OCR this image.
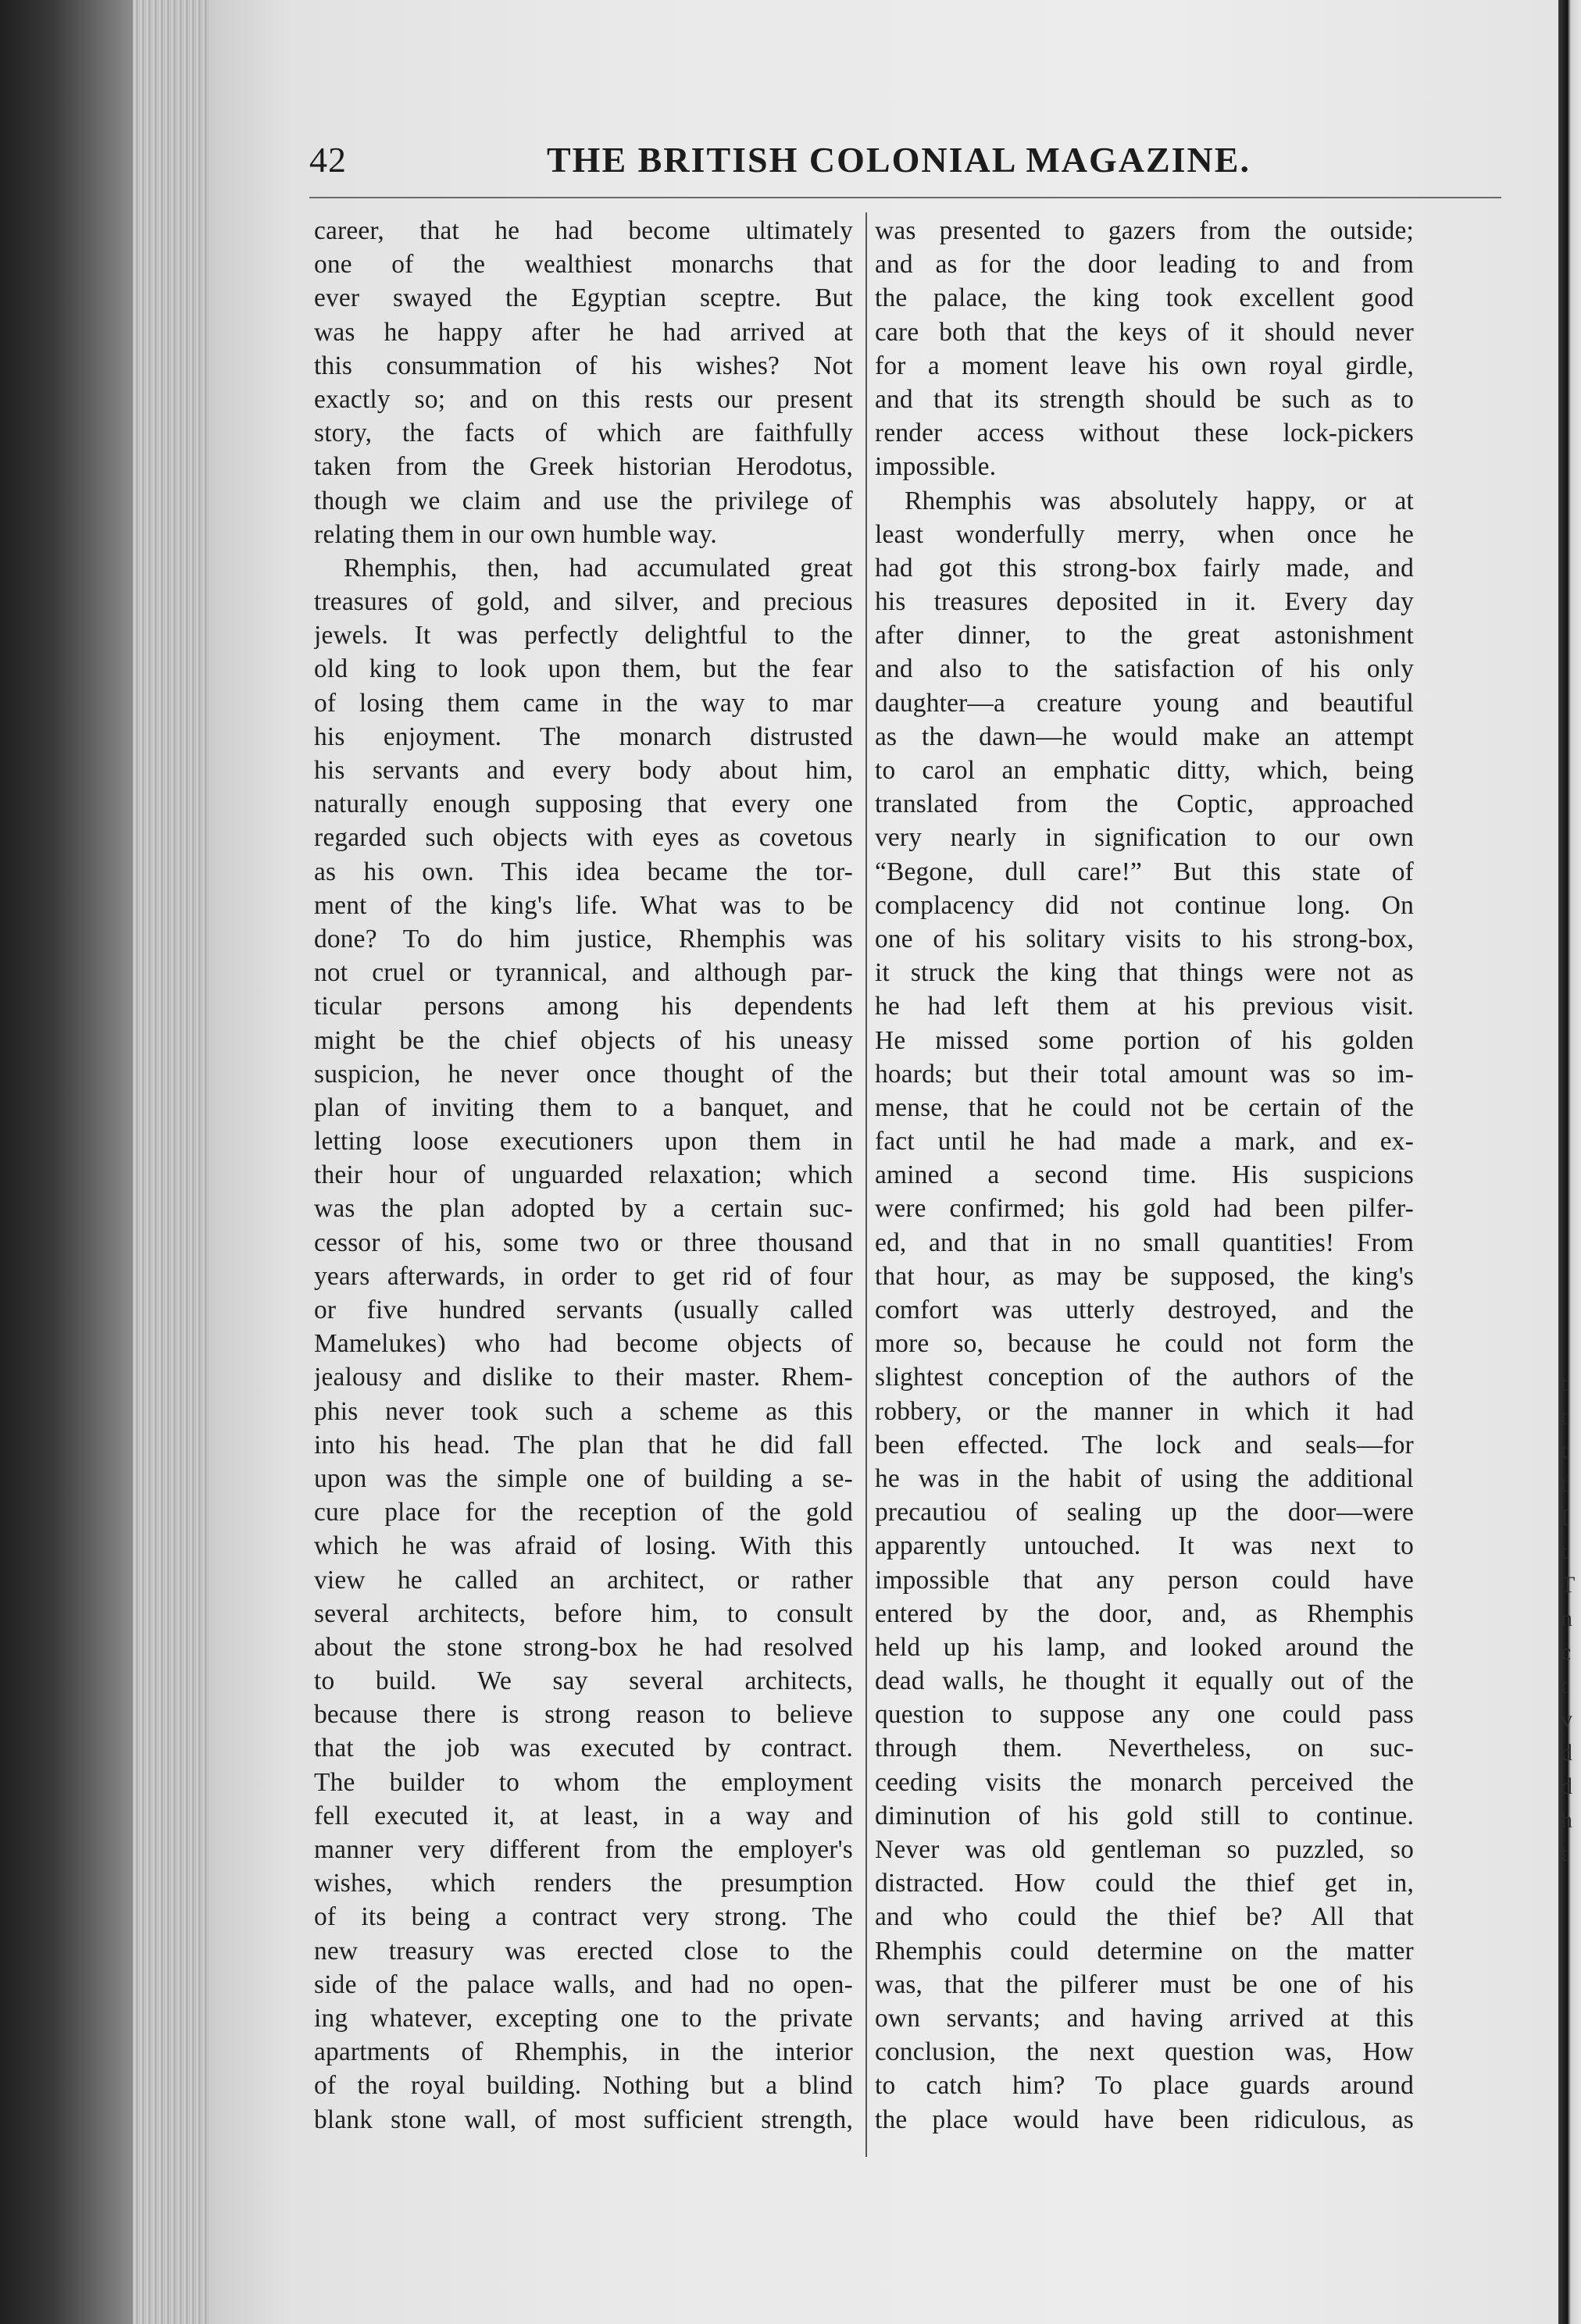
42	THE BRITISH COLONIAL MAGAZINE.
career, that he had become ultimately
one of the wealthiest monarchs that
ever swayed the Egyptian sceptre. But
was he happy after he had arrived at
this consummation of his wishes? Not
exactly so; and on this rests our present
story, the facts of which are faithfully
taken from the Greek historian Herodotus,
though we claim and use the privilege of
relating them in our own humble way.
Rhemphis, then, had accumulated great
treasures of gold, and silver, and precious
jewels. It was perfectly delightful to the
old king to look upon them, but the fear
of losing them came in the way to mar
his enjoyment. The monarch distrusted
his servants and every body about him,
naturally enough supposing that every one
regarded such objects with eyes as covetous
as his own. This idea became the tor-
ment of the king's life. What was to be
done? To do him justice, Rhemphis was
not cruel or tyrannical, and although par-
ticular persons among his dependents
might be the chief objects of his uneasy
suspicion, he never once thought of the
plan of inviting them to a banquet, and
letting loose executioners upon them in
their hour of unguarded relaxation; which
was the plan adopted by a certain suc-
cessor of his, some two or three thousand
years afterwards, in order to get rid of four
or five hundred servants (usually called
Mamelukes) who had become objects of
jealousy and dislike to their master. Rhem-
phis never took such a scheme as this
into his head. The plan that he did fall
upon was the simple one of building a se-
cure place for the reception of the gold
which he was afraid of losing. With this
view he called an architect, or rather
several architects, before him, to consult
about the stone strong-box he had resolved
to build. We say several architects,
because there is strong reason to believe
that the job was executed by contract.
The builder to whom the employment
fell executed it, at least, in a way and
manner very different from the employer's
wishes, which renders the presumption
of its being a contract very strong. The
new treasury was erected close to the
side of the palace walls, and had no open-
ing whatever, excepting one to the private
apartments of Rhemphis, in the interior
of the royal building. Nothing but a blind
blank stone wall, of most sufficient strength,
was presented to gazers from the outside;
and as for the door leading to and from
the palace, the king took excellent good
care both that the keys of it should never
for a moment leave his own royal girdle,
and that its strength should be such as to
render access without these lock-pickers
impossible.
Rhemphis was absolutely happy, or at
least wonderfully merry, when once he
had got this strong-box fairly made, and
his treasures deposited in it. Every day
after dinner, to the great astonishment
and also to the satisfaction of his only
daughter—a creature young and beautiful
as the dawn—he would make an attempt
to carol an emphatic ditty, which, being
translated from the Coptic, approached
very nearly in signification to our own
“Begone, dull care!” But this state of
complacency did not continue long. On
one of his solitary visits to his strong-box,
it struck the king that things were not as
he had left them at his previous visit.
He missed some portion of his golden
hoards; but their total amount was so im-
mense, that he could not be certain of the
fact until he had made a mark, and ex-
amined a second time. His suspicions
were confirmed; his gold had been pilfer-
ed, and that in no small quantities! From
that hour, as may be supposed, the king's
comfort was utterly destroyed, and the
more so, because he could not form the
slightest conception of the authors of the
robbery, or the manner in which it had
been effected. The lock and seals—for
he was in the habit of using the additional
precautiou of sealing up the door—were
apparently untouched. It was next to
impossible that any person could have
entered by the door, and, as Rhemphis
held up his lamp, and looked around the
dead walls, he thought it equally out of the
question to suppose any one could pass
through them. Nevertheless, on suc-
ceeding visits the monarch perceived the
diminution of his gold still to continue.
Never was old gentleman so puzzled, so
distracted. How could the thief get in,
and who could the thief be? All that
Rhemphis could determine on the matter
was, that the pilferer must be one of his
own servants; and having arrived at this
conclusion, the next question was, How
to catch him? To place guards around
the place would have been ridiculous, as
t
t
t
t
I
t
T
n
c
t
v
d
d
h
t
